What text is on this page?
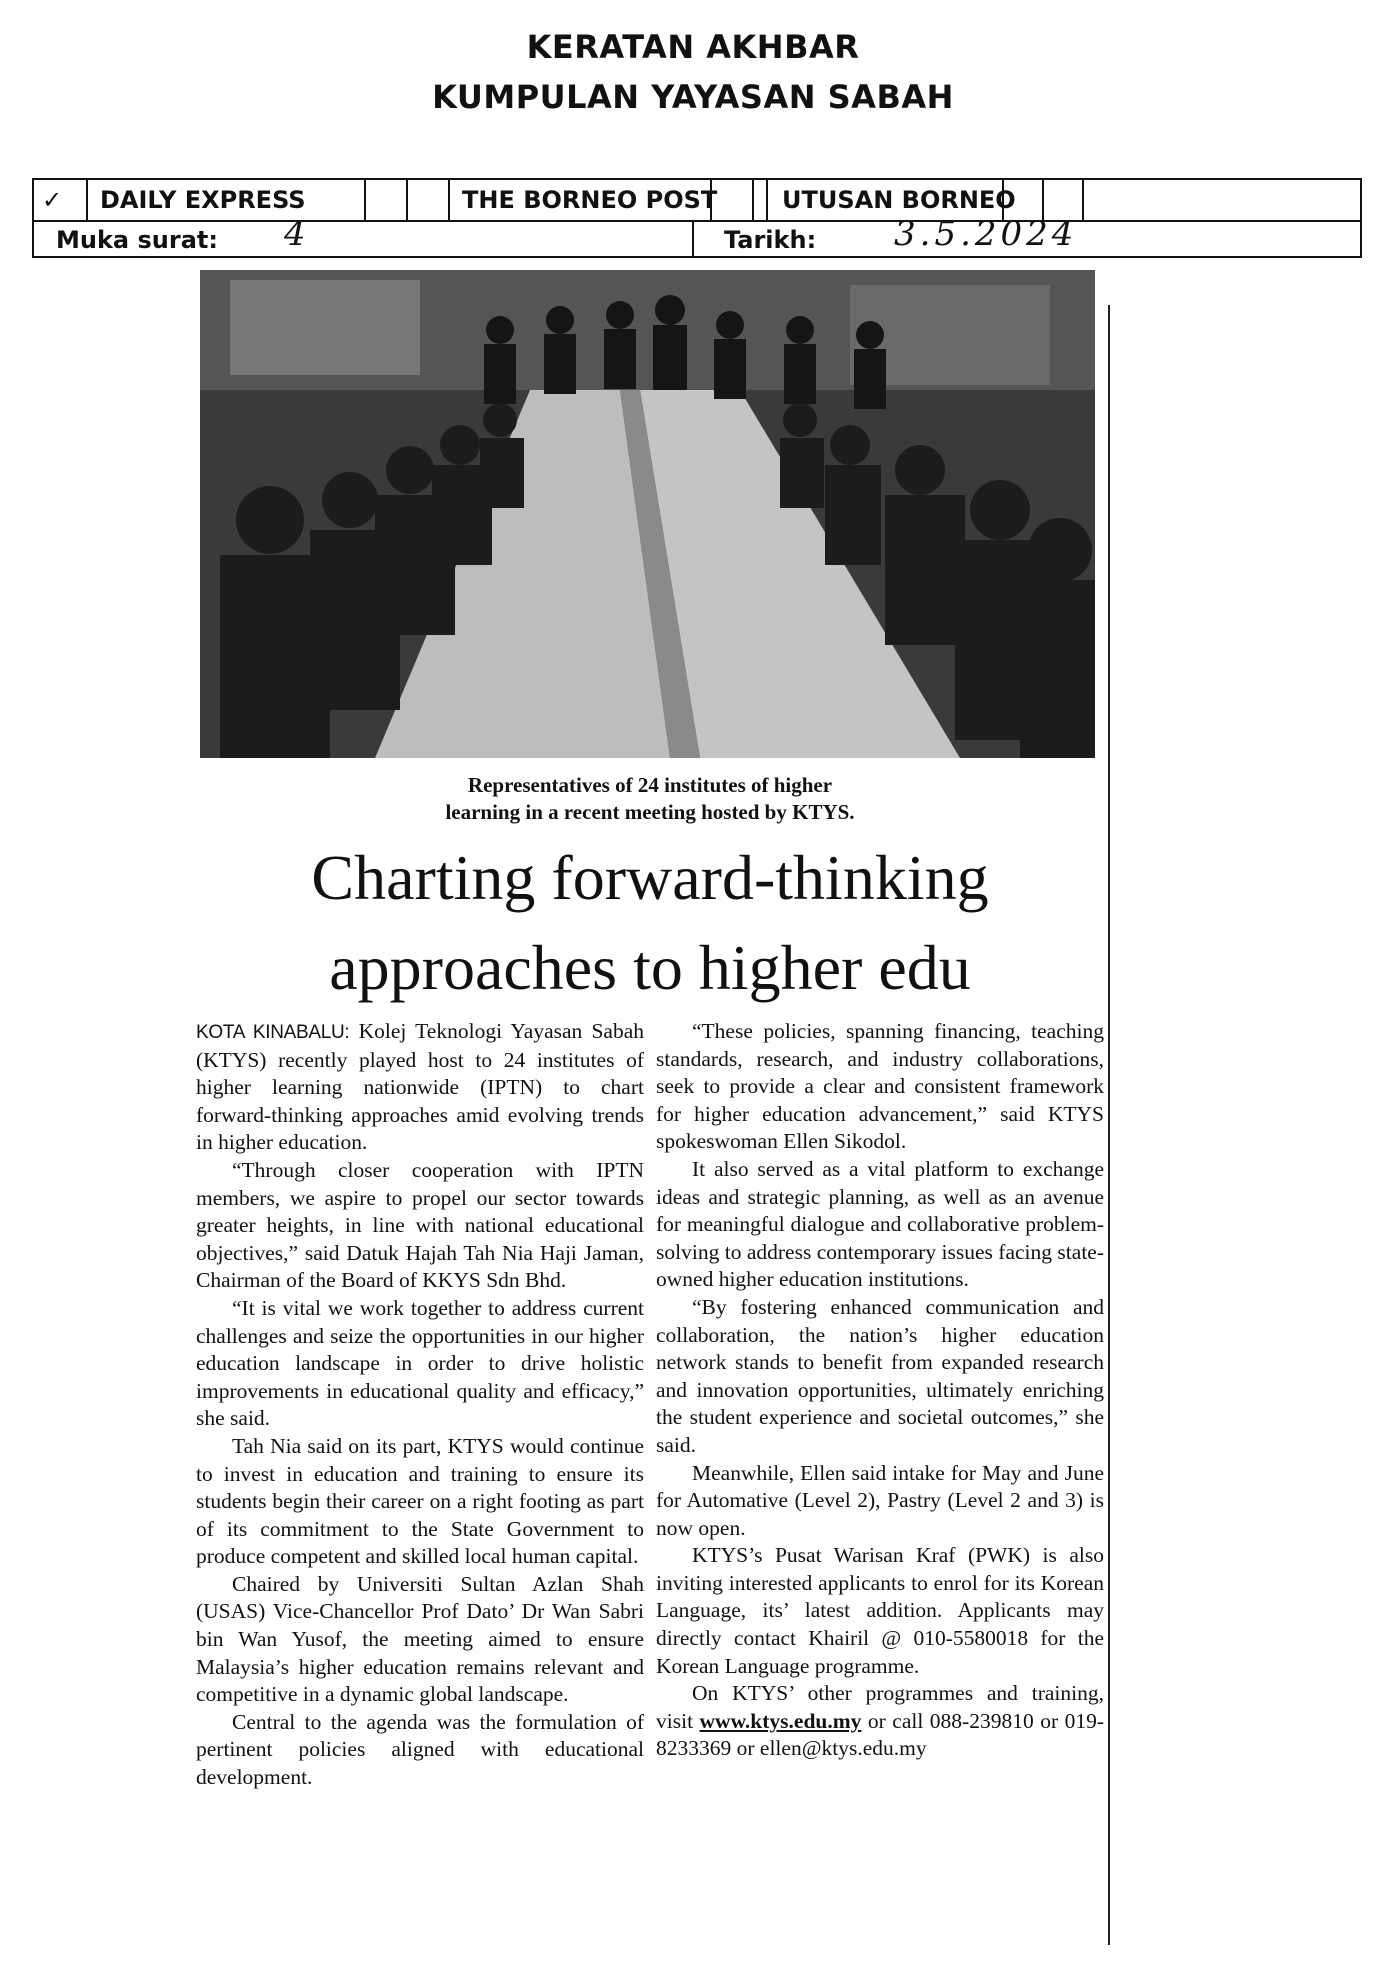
KERATAN AKHBAR
KUMPULAN YAYASAN SABAH
✓ DAILY EXPRESS	THE BORNEO POST	UTUSAN BORNEO
Muka surat: 4	Tarikh: 3.5.2024
Representatives of 24 institutes of higher
learning in a recent meeting hosted by KTYS.
Charting forward-thinking
approaches to higher edu

KOTA KINABALU: Kolej Teknologi Yayasan Sabah (KTYS) recently played host to 24 institutes of higher learning nationwide (IPTN) to chart forward-thinking approaches amid evolving trends in higher education.

“Through closer cooperation with IPTN members, we aspire to propel our sector towards greater heights, in line with national educational objectives,” said Datuk Hajah Tah Nia Haji Jaman, Chairman of the Board of KKYS Sdn Bhd.

“It is vital we work together to address current challenges and seize the opportunities in our higher education landscape in order to drive holistic improvements in educational quality and efficacy,” she said.

Tah Nia said on its part, KTYS would continue to invest in education and training to ensure its students begin their career on a right footing as part of its commitment to the State Government to produce competent and skilled local human capital.

Chaired by Universiti Sultan Azlan Shah (USAS) Vice-Chancellor Prof Dato’ Dr Wan Sabri bin Wan Yusof, the meeting aimed to ensure Malaysia’s higher education remains relevant and competitive in a dynamic global landscape.

Central to the agenda was the formulation of pertinent policies aligned with educational development.

“These policies, spanning financing, teaching standards, research, and industry collaborations, seek to provide a clear and consistent framework for higher education advancement,” said KTYS spokeswoman Ellen Sikodol.

It also served as a vital platform to exchange ideas and strategic planning, as well as an avenue for meaningful dialogue and collaborative problem-solving to address contemporary issues facing state-owned higher education institutions.

“By fostering enhanced communication and collaboration, the nation’s higher education network stands to benefit from expanded research and innovation opportunities, ultimately enriching the student experience and societal outcomes,” she said.

Meanwhile, Ellen said intake for May and June for Automative (Level 2), Pastry (Level 2 and 3) is now open.

KTYS’s Pusat Warisan Kraf (PWK) is also inviting interested applicants to enrol for its Korean Language, its’ latest addition. Applicants may directly contact Khairil @ 010-5580018 for the Korean Language programme.

On KTYS’ other programmes and training, visit www.ktys.edu.my or call 088-239810 or 019-8233369 or ellen@ktys.edu.my
